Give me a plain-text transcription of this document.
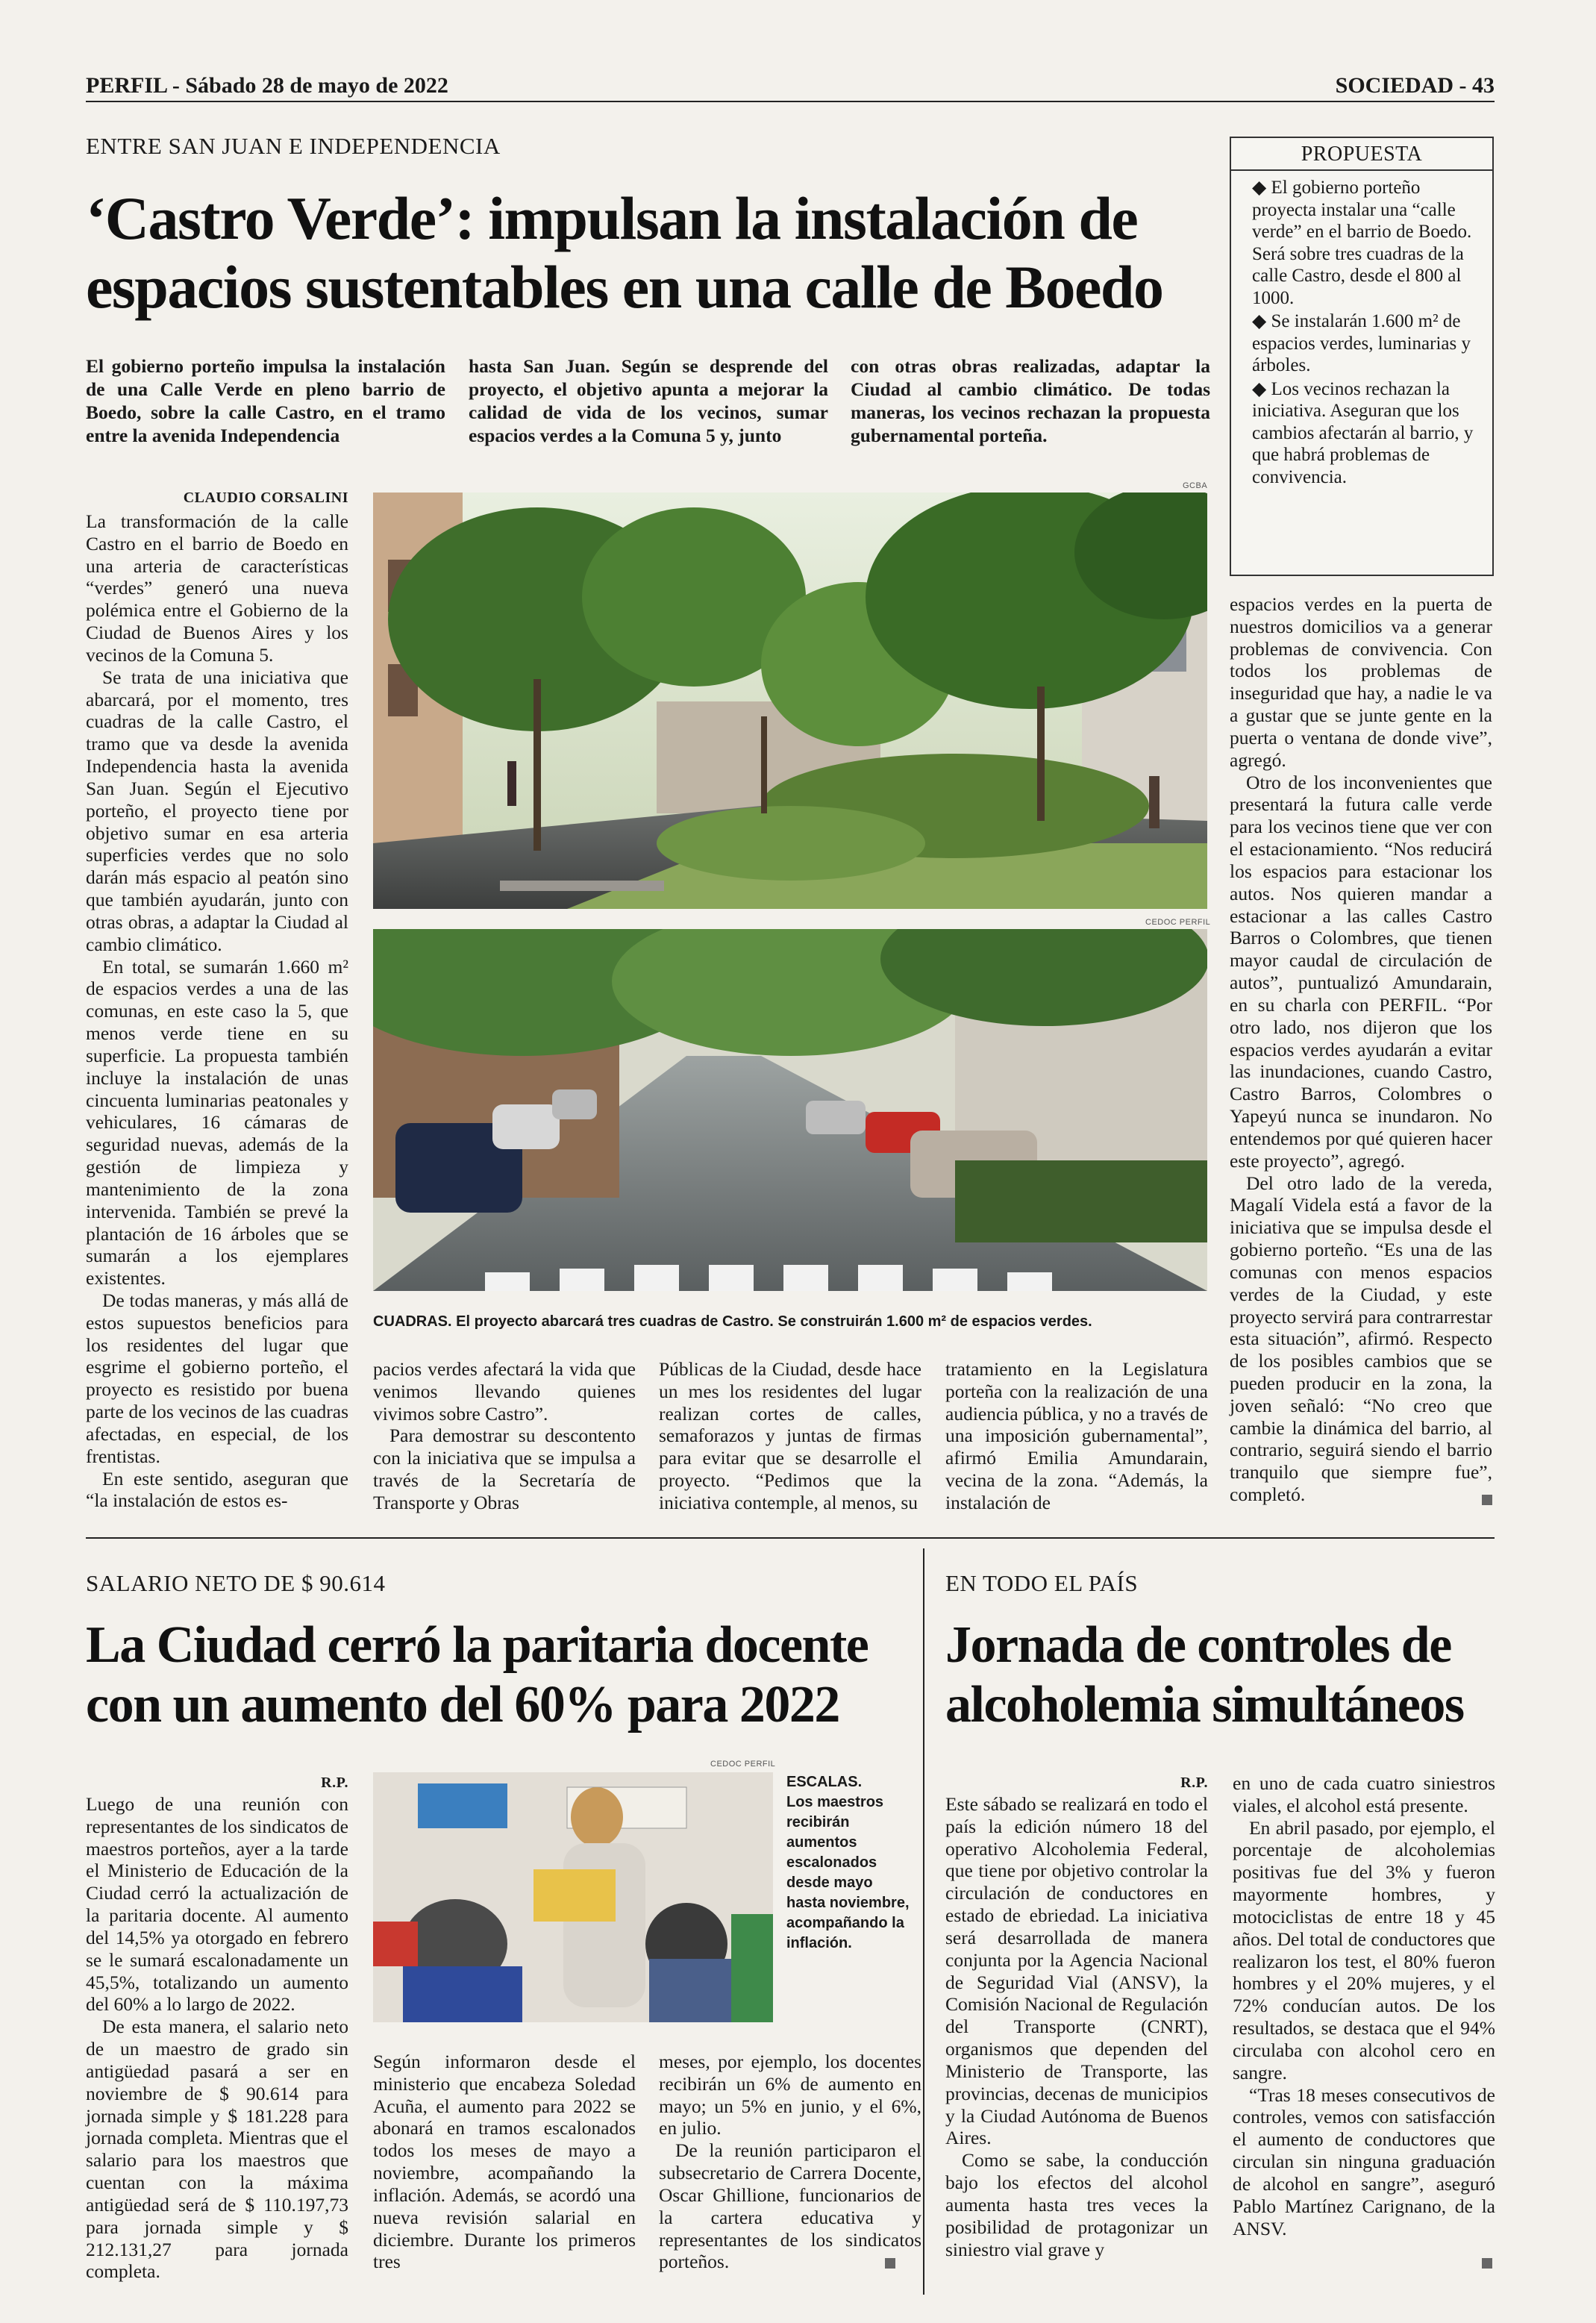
PERFIL - Sábado 28 de mayo de 2022	SOCIEDAD - 43
ENTRE SAN JUAN E INDEPENDENCIA
‘Castro Verde’: impulsan la instalación de
espacios sustentables en una calle de Boedo
El gobierno porteño impulsa la instalación de una Calle Verde en pleno barrio de Boedo, sobre la calle Castro, en el tramo entre la avenida Independencia
hasta San Juan. Según se desprende del proyecto, el objetivo apunta a mejorar la calidad de vida de los vecinos, sumar espacios verdes a la Comuna 5 y, junto
con otras obras realizadas, adaptar la Ciudad al cambio climático. De todas maneras, los vecinos rechazan la propuesta gubernamental porteña.
PROPUESTA
◆ El gobierno porteño proyecta instalar una “calle verde” en el barrio de Boedo. Será sobre tres cuadras de la calle Castro, desde el 800 al 1000.
◆ Se instalarán 1.600 m² de espacios verdes, luminarias y árboles.
◆ Los vecinos rechazan la iniciativa. Aseguran que los cambios afectarán al barrio, y que habrá problemas de convivencia.
CLAUDIO CORSALINI

La transformación de la calle Castro en el barrio de Boedo en una arteria de características “verdes” generó una nueva polémica entre el Gobierno de la Ciudad de Buenos Aires y los vecinos de la Comuna 5.

Se trata de una iniciativa que abarcará, por el momento, tres cuadras de la calle Castro, el tramo que va desde la avenida Independencia hasta la avenida San Juan. Según el Ejecutivo porteño, el proyecto tiene por objetivo sumar en esa arteria superficies verdes que no solo darán más espacio al peatón sino que también ayudarán, junto con otras obras, a adaptar la Ciudad al cambio climático.

En total, se sumarán 1.660 m² de espacios verdes a una de las comunas, en este caso la 5, que menos verde tiene en su superficie. La propuesta también incluye la instalación de unas cincuenta luminarias peatonales y vehiculares, 16 cámaras de seguridad nuevas, además de la gestión de limpieza y mantenimiento de la zona intervenida. También se prevé la plantación de 16 árboles que se sumarán a los ejemplares existentes.

De todas maneras, y más allá de estos supuestos beneficios para los residentes del lugar que esgrime el gobierno porteño, el proyecto es resistido por buena parte de los vecinos de las cuadras afectadas, en especial, de los frentistas.

En este sentido, aseguran que “la instalación de estos es-

GCBA
CEDOC PERFIL
CUADRAS. El proyecto abarcará tres cuadras de Castro. Se construirán 1.600 m² de espacios verdes.

pacios verdes afectará la vida que venimos llevando quienes vivimos sobre Castro”.

Para demostrar su descontento con la iniciativa que se impulsa a través de la Secretaría de Transporte y Obras

Públicas de la Ciudad, desde hace un mes los residentes del lugar realizan cortes de calles, semaforazos y juntas de firmas para evitar que se desarrolle el proyecto. “Pedimos que la iniciativa contemple, al menos, su

tratamiento en la Legislatura porteña con la realización de una audiencia pública, y no a través de una imposición gubernamental”, afirmó Emilia Amundarain, vecina de la zona. “Además, la instalación de

espacios verdes en la puerta de nuestros domicilios va a generar problemas de convivencia. Con todos los problemas de inseguridad que hay, a nadie le va a gustar que se junte gente en la puerta o ventana de donde vive”, agregó.

Otro de los inconvenientes que presentará la futura calle verde para los vecinos tiene que ver con el estacionamiento. “Nos reducirá los espacios para estacionar los autos. Nos quieren mandar a estacionar a las calles Castro Barros o Colombres, que tienen mayor caudal de circulación de autos”, puntualizó Amundarain, en su charla con PERFIL. “Por otro lado, nos dijeron que los espacios verdes ayudarán a evitar las inundaciones, cuando Castro, Castro Barros, Colombres o Yapeyú nunca se inundaron. No entendemos por qué quieren hacer este proyecto”, agregó.

Del otro lado de la vereda, Magalí Videla está a favor de la iniciativa que se impulsa desde el gobierno porteño. “Es una de las comunas con menos espacios verdes de la Ciudad, y este proyecto servirá para contrarrestar esta situación”, afirmó. Respecto de los posibles cambios que se pueden producir en la zona, la joven señaló: “No creo que cambie la dinámica del barrio, al contrario, seguirá siendo el barrio tranquilo que siempre fue”, completó.

SALARIO NETO DE $ 90.614
La Ciudad cerró la paritaria docente
con un aumento del 60% para 2022
R.P.

Luego de una reunión con representantes de los sindicatos de maestros porteños, ayer a la tarde el Ministerio de Educación de la Ciudad cerró la actualización de la paritaria docente. Al aumento del 14,5% ya otorgado en febrero se le sumará escalonadamente un 45,5%, totalizando un aumento del 60% a lo largo de 2022.

De esta manera, el salario neto de un maestro de grado sin antigüedad pasará a ser en noviembre de $ 90.614 para jornada simple y $ 181.228 para jornada completa. Mientras que el salario para los maestros que cuentan con la máxima antigüedad será de $ 110.197,73 para jornada simple y $ 212.131,27 para jornada completa.

CEDOC PERFIL
ESCALAS.
Los maestros recibirán aumentos escalonados desde mayo hasta noviembre, acompañando la inflación.

Según informaron desde el ministerio que encabeza Soledad Acuña, el aumento para 2022 se abonará en tramos escalonados todos los meses de mayo a noviembre, acompañando la inflación. Además, se acordó una nueva revisión salarial en diciembre. Durante los primeros tres

meses, por ejemplo, los docentes recibirán un 6% de aumento en mayo; un 5% en junio, y el 6%, en julio.

De la reunión participaron el subsecretario de Carrera Docente, Oscar Ghillione, funcionarios de la cartera educativa y representantes de los sindicatos porteños.

EN TODO EL PAÍS
Jornada de controles de
alcoholemia simultáneos
R.P.

Este sábado se realizará en todo el país la edición número 18 del operativo Alcoholemia Federal, que tiene por objetivo controlar la circulación de conductores en estado de ebriedad. La iniciativa será desarrollada de manera conjunta por la Agencia Nacional de Seguridad Vial (ANSV), la Comisión Nacional de Regulación del Transporte (CNRT), organismos que dependen del Ministerio de Transporte, las provincias, decenas de municipios y la Ciudad Autónoma de Buenos Aires.

Como se sabe, la conducción bajo los efectos del alcohol aumenta hasta tres veces la posibilidad de protagonizar un siniestro vial grave y

en uno de cada cuatro siniestros viales, el alcohol está presente.

En abril pasado, por ejemplo, el porcentaje de alcoholemias positivas fue del 3% y fueron mayormente hombres, y motociclistas de entre 18 y 45 años. Del total de conductores que realizaron los test, el 80% fueron hombres y el 20% mujeres, y el 72% conducían autos. De los resultados, se destaca que el 94% circulaba con alcohol cero en sangre.

“Tras 18 meses consecutivos de controles, vemos con satisfacción el aumento de conductores que circulan sin ninguna graduación de alcohol en sangre”, aseguró Pablo Martínez Carignano, de la ANSV.
